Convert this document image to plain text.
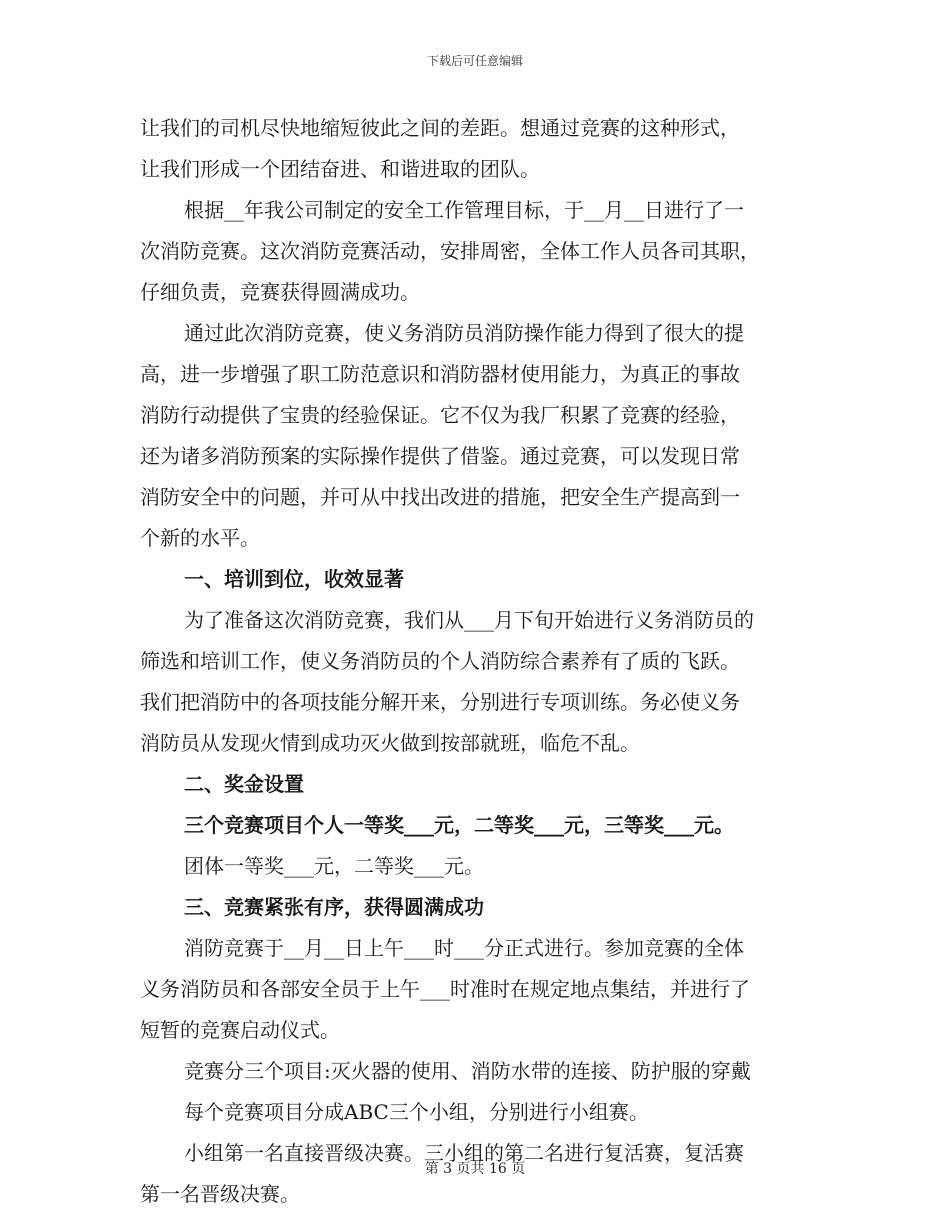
下载后可任意编辑

让我们的司机尽快地缩短彼此之间的差距。想通过竞赛的这种形式，

让我们形成一个团结奋进、和谐进取的团队。

根据__年我公司制定的安全工作管理目标，于__月__日进行了一

次消防竞赛。这次消防竞赛活动，安排周密，全体工作人员各司其职，

仔细负责，竞赛获得圆满成功。

通过此次消防竞赛，使义务消防员消防操作能力得到了很大的提

高，进一步增强了职工防范意识和消防器材使用能力，为真正的事故

消防行动提供了宝贵的经验保证。它不仅为我厂积累了竞赛的经验，

还为诸多消防预案的实际操作提供了借鉴。通过竞赛，可以发现日常

消防安全中的问题，并可从中找出改进的措施，把安全生产提高到一

个新的水平。

一、培训到位，收效显著

为了准备这次消防竞赛，我们从___月下旬开始进行义务消防员的

筛选和培训工作，使义务消防员的个人消防综合素养有了质的飞跃。

我们把消防中的各项技能分解开来，分别进行专项训练。务必使义务

消防员从发现火情到成功灭火做到按部就班，临危不乱。

二、奖金设置

三个竞赛项目个人一等奖___元，二等奖___元，三等奖___元。

团体一等奖___元，二等奖___元。

三、竞赛紧张有序，获得圆满成功

消防竞赛于__月__日上午___时___分正式进行。参加竞赛的全体

义务消防员和各部安全员于上午___时准时在规定地点集结，并进行了

短暂的竞赛启动仪式。

竞赛分三个项目:灭火器的使用、消防水带的连接、防护服的穿戴

每个竞赛项目分成ABC三个小组，分别进行小组赛。

小组第一名直接晋级决赛。三小组的第二名进行复活赛，复活赛

第一名晋级决赛。

第 3 页共 16 页
